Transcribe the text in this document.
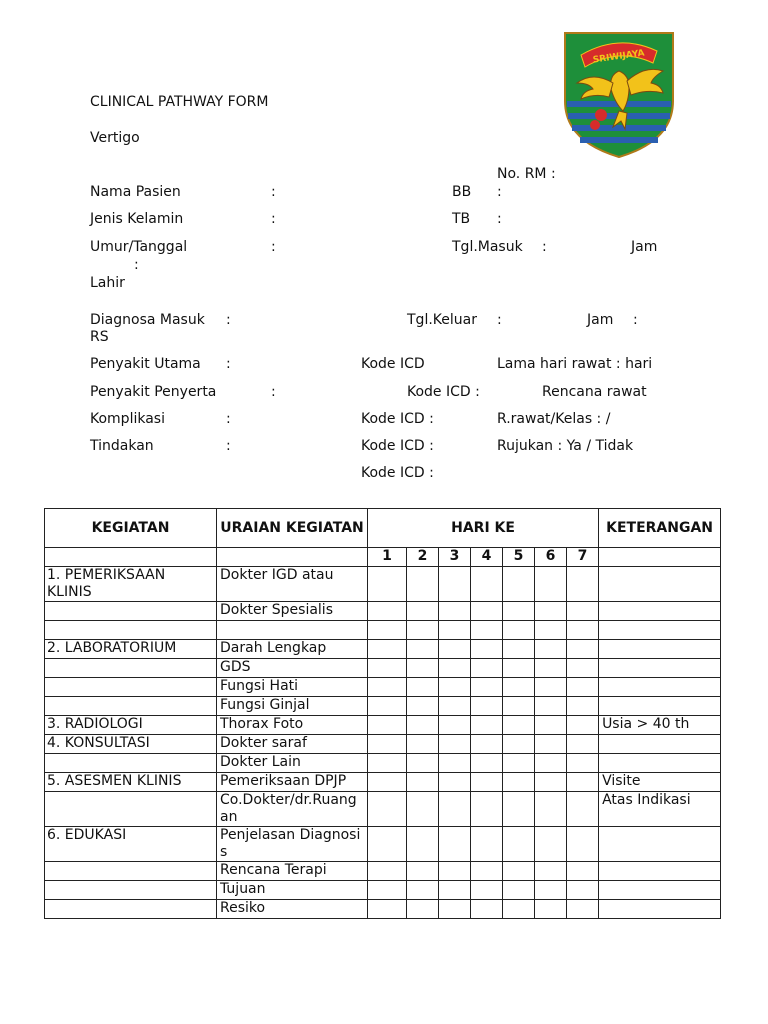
SRIWIJAYA
CLINICAL PATHWAY FORM
Vertigo
No. RM :
Nama Pasien	:	BB :
Jenis Kelamin	:	TB :
Umur/Tanggal	:	Tgl.Masuk :	Jam
:
Lahir
Diagnosa Masuk :	Tgl.Keluar :	Jam :
RS
Penyakit Utama :	Kode ICD	Lama hari rawat : hari
Penyakit Penyerta	:	Kode ICD :	Rencana rawat
Komplikasi	:	Kode ICD :	R.rawat/Kelas : /
Tindakan	:	Kode ICD :	Rujukan : Ya / Tidak
Kode ICD :
KEGIATAN	URAIAN KEGIATAN	HARI KE							KETERANGAN
		1	2	3	4	5	6	7	
1. PEMERIKSAAN KLINIS	Dokter IGD atau								
	Dokter Spesialis								

2. LABORATORIUM	Darah Lengkap								
	GDS								
	Fungsi Hati								
	Fungsi Ginjal								
3. RADIOLOGI	Thorax Foto								Usia > 40 th
4. KONSULTASI	Dokter saraf								
	Dokter Lain								
5. ASESMEN KLINIS	Pemeriksaan DPJP								Visite
	Co.Dokter/dr.Ruangan								Atas Indikasi
6. EDUKASI	Penjelasan Diagnosis								
	Rencana Terapi								
	Tujuan								
	Resiko								
